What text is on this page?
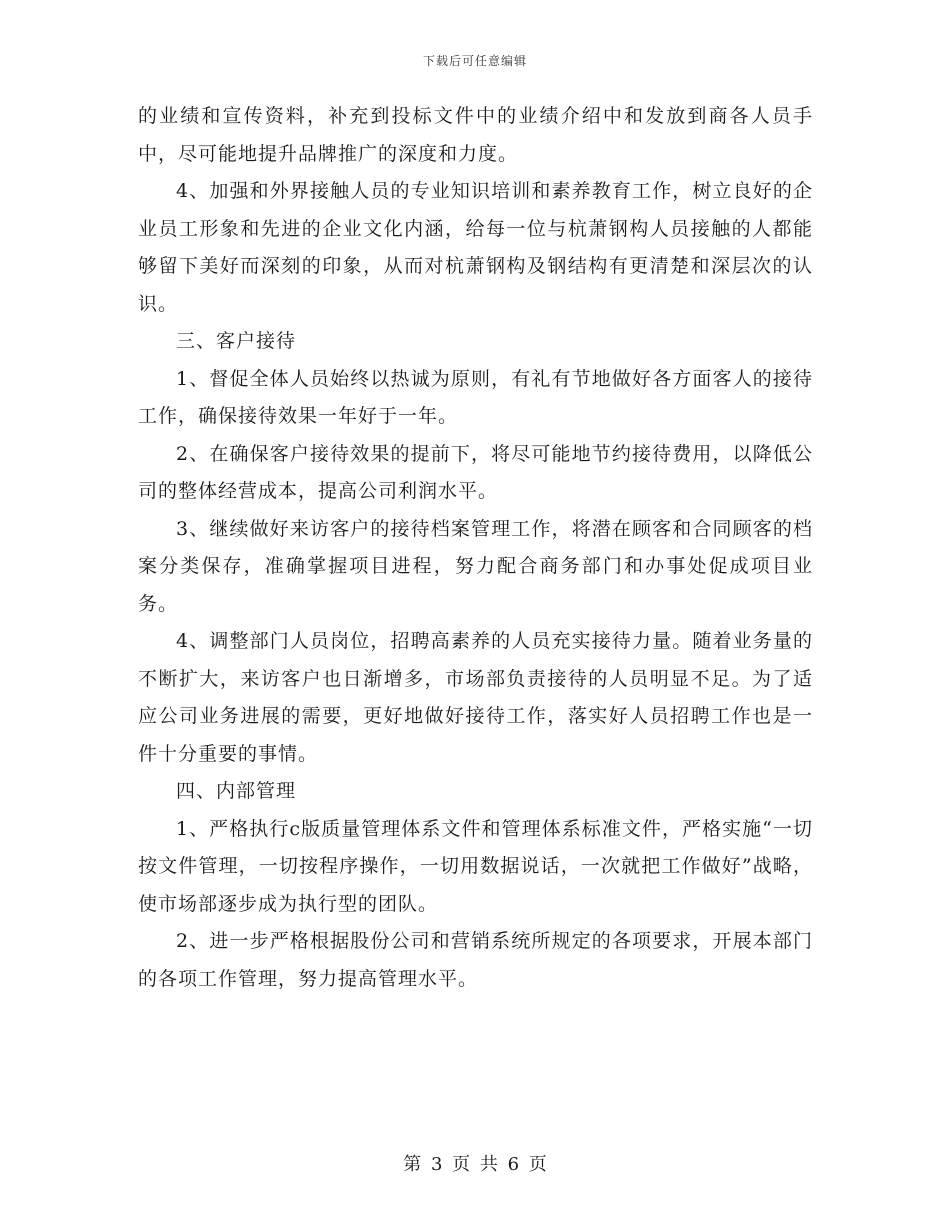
下载后可任意编辑

的业绩和宣传资料，补充到投标文件中的业绩介绍中和发放到商各人员手中，尽可能地提升品牌推广的深度和力度。

4、加强和外界接触人员的专业知识培训和素养教育工作，树立良好的企业员工形象和先进的企业文化内涵，给每一位与杭萧钢构人员接触的人都能够留下美好而深刻的印象，从而对杭萧钢构及钢结构有更清楚和深层次的认识。

三、客户接待

1、督促全体人员始终以热诚为原则，有礼有节地做好各方面客人的接待工作，确保接待效果一年好于一年。

2、在确保客户接待效果的提前下，将尽可能地节约接待费用，以降低公司的整体经营成本，提高公司利润水平。

3、继续做好来访客户的接待档案管理工作，将潜在顾客和合同顾客的档案分类保存，准确掌握项目进程，努力配合商务部门和办事处促成项目业务。

4、调整部门人员岗位，招聘高素养的人员充实接待力量。随着业务量的不断扩大，来访客户也日渐增多，市场部负责接待的人员明显不足。为了适应公司业务进展的需要，更好地做好接待工作，落实好人员招聘工作也是一件十分重要的事情。

四、内部管理

1、严格执行c版质量管理体系文件和管理体系标准文件，严格实施“一切按文件管理，一切按程序操作，一切用数据说话，一次就把工作做好”战略，使市场部逐步成为执行型的团队。

2、进一步严格根据股份公司和营销系统所规定的各项要求，开展本部门的各项工作管理，努力提高管理水平。

第 3 页 共 6 页
